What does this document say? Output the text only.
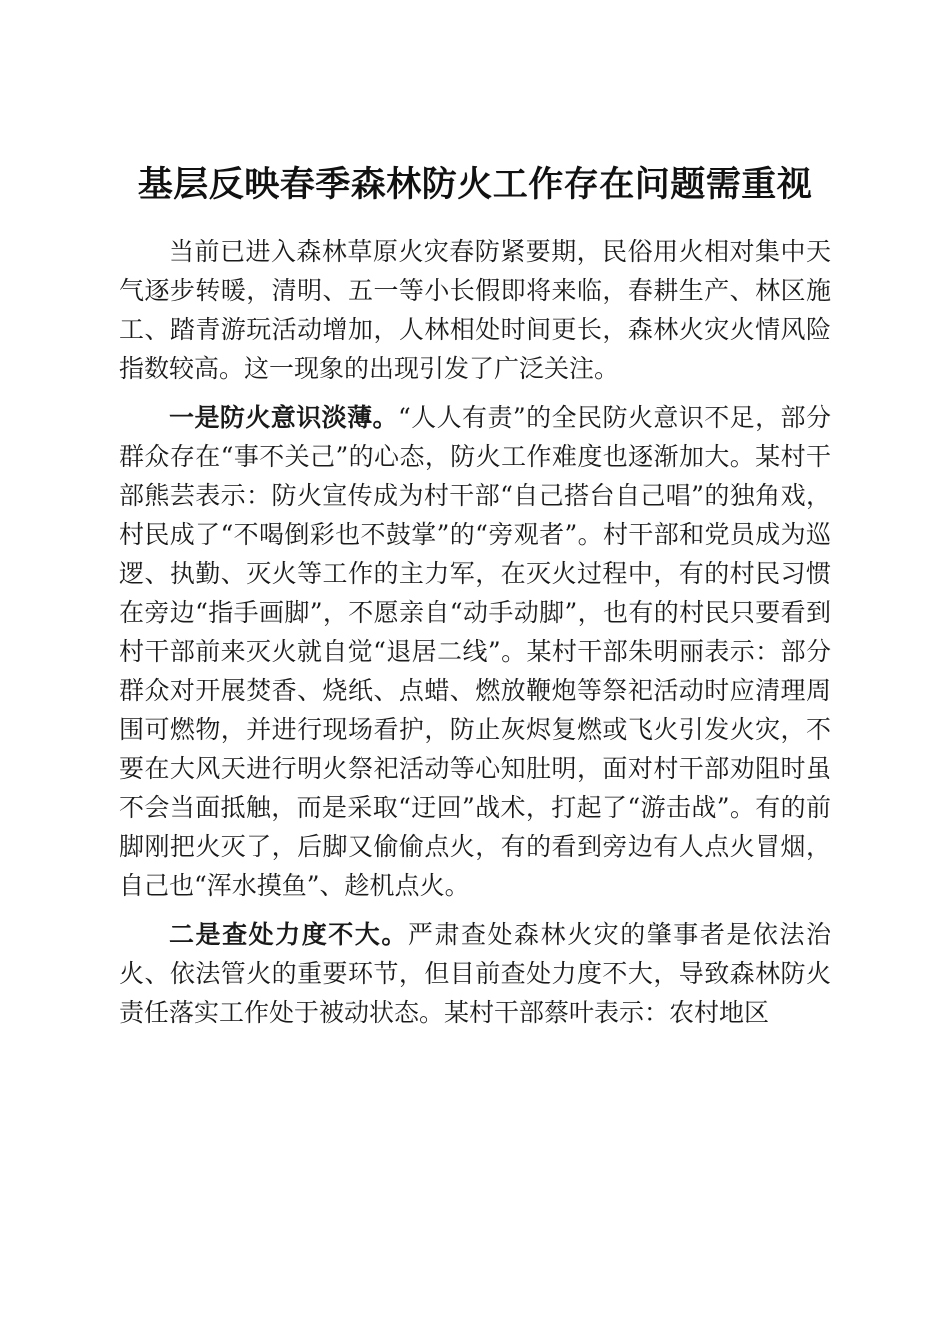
基层反映春季森林防火工作存在问题需重视

当前已进入森林草原火灾春防紧要期，民俗用火相对集中天气逐步转暖，清明、五一等小长假即将来临，春耕生产、林区施工、踏青游玩活动增加，人林相处时间更长，森林火灾火情风险指数较高。这一现象的出现引发了广泛关注。

一是防火意识淡薄。“人人有责”的全民防火意识不足，部分群众存在“事不关己”的心态，防火工作难度也逐渐加大。某村干部熊芸表示：防火宣传成为村干部“自己搭台自己唱”的独角戏，村民成了“不喝倒彩也不鼓掌”的“旁观者”。村干部和党员成为巡逻、执勤、灭火等工作的主力军，在灭火过程中，有的村民习惯在旁边“指手画脚”，不愿亲自“动手动脚”，也有的村民只要看到村干部前来灭火就自觉“退居二线”。某村干部朱明丽表示：部分群众对开展焚香、烧纸、点蜡、燃放鞭炮等祭祀活动时应清理周围可燃物，并进行现场看护，防止灰烬复燃或飞火引发火灾，不要在大风天进行明火祭祀活动等心知肚明，面对村干部劝阻时虽不会当面抵触，而是采取“迂回”战术，打起了“游击战”。有的前脚刚把火灭了，后脚又偷偷点火，有的看到旁边有人点火冒烟，自己也“浑水摸鱼”、趁机点火。

二是查处力度不大。严肃查处森林火灾的肇事者是依法治火、依法管火的重要环节，但目前查处力度不大，导致森林防火责任落实工作处于被动状态。某村干部蔡叶表示：农村地区
